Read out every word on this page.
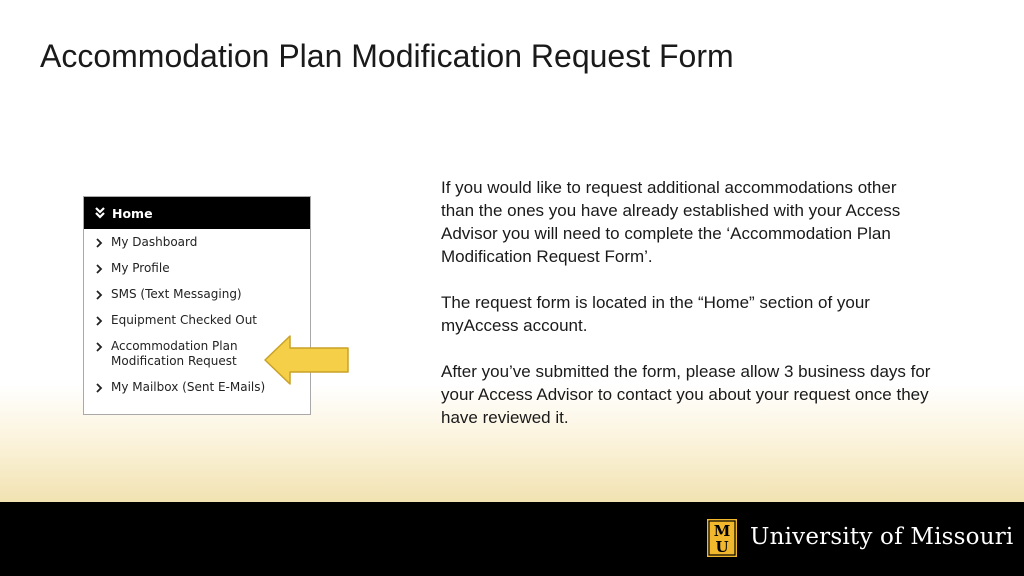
Accommodation Plan Modification Request Form
Home
My Dashboard
My Profile
SMS (Text Messaging)
Equipment Checked Out
Accommodation Plan
Modification Request
My Mailbox (Sent E-Mails)

If you would like to request additional accommodations other than the ones you have already established with your Access Advisor you will need to complete the ‘Accommodation Plan Modification Request Form’.

The request form is located in the “Home” section of your myAccess account.

After you’ve submitted the form, please allow 3 business days for your Access Advisor to contact you about your request once they have reviewed it.

M
U University of Missouri
